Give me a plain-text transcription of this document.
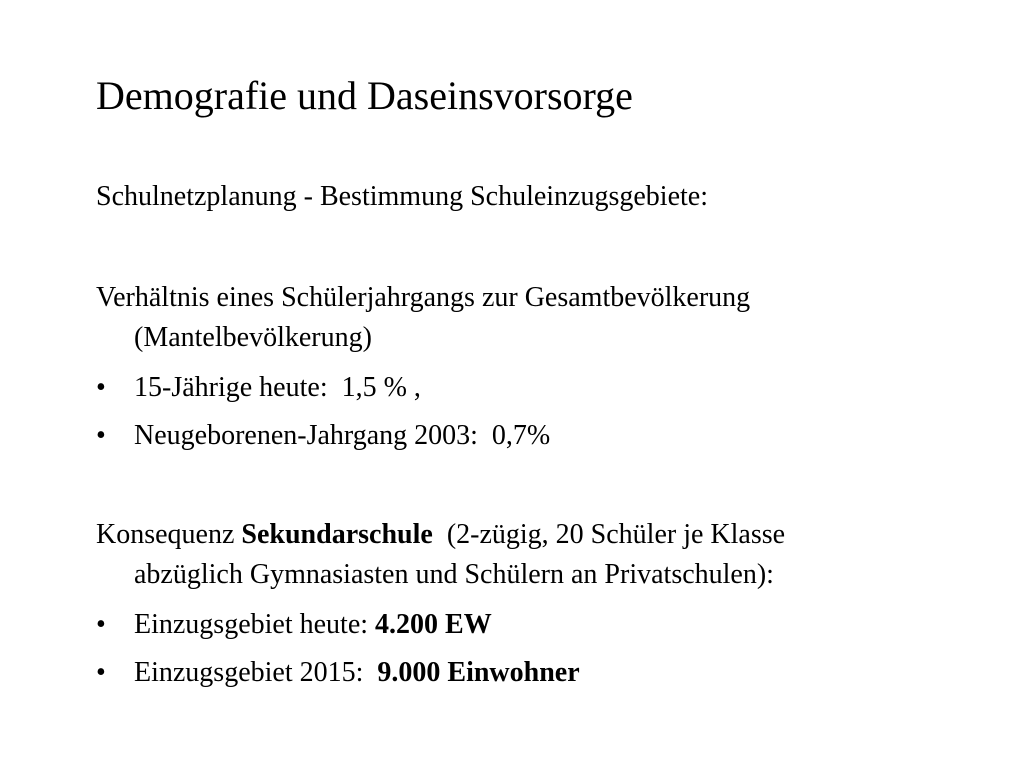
Demografie und Daseinsvorsorge
Schulnetzplanung - Bestimmung Schuleinzugsgebiete:
Verhältnis eines Schülerjahrgangs zur Gesamtbevölkerung
(Mantelbevölkerung)
• 15-Jährige heute:  1,5 % ,
• Neugeborenen-Jahrgang 2003:  0,7%
Konsequenz Sekundarschule  (2-zügig, 20 Schüler je Klasse
abzüglich Gymnasiasten und Schülern an Privatschulen):
• Einzugsgebiet heute: 4.200 EW
• Einzugsgebiet 2015:  9.000 Einwohner
